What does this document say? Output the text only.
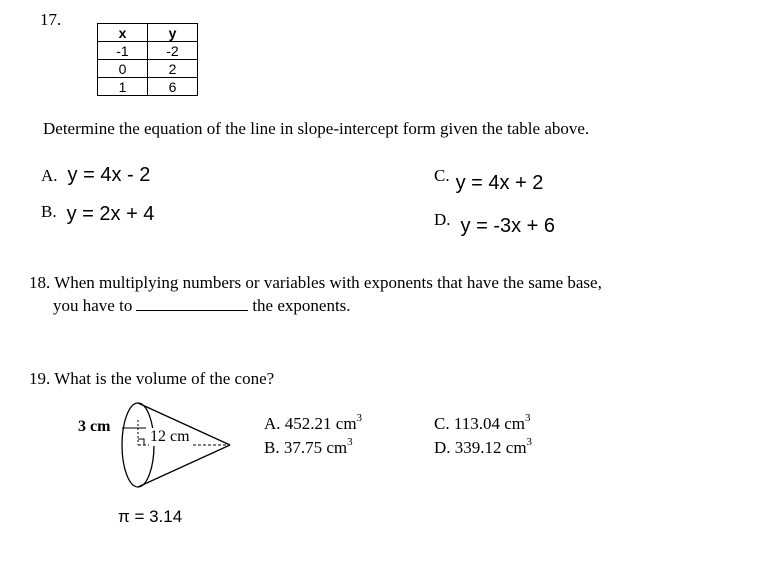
17.
x	y
-1	-2
0	2
1	6
Determine the equation of the line in slope-intercept form given the table above.
A. y = 4x - 2
B. y = 2x + 4
C. y = 4x + 2
D. y = -3x + 6
18. When multiplying numbers or variables with exponents that have the same base,
you have to	the exponents.
19. What is the volume of the cone?
3 cm
12 cm
π = 3.14
A. 452.21 $cm^3$
B. 37.75 $cm^3$
C. 113.04 $cm^3$
D. 339.12 $cm^3$
